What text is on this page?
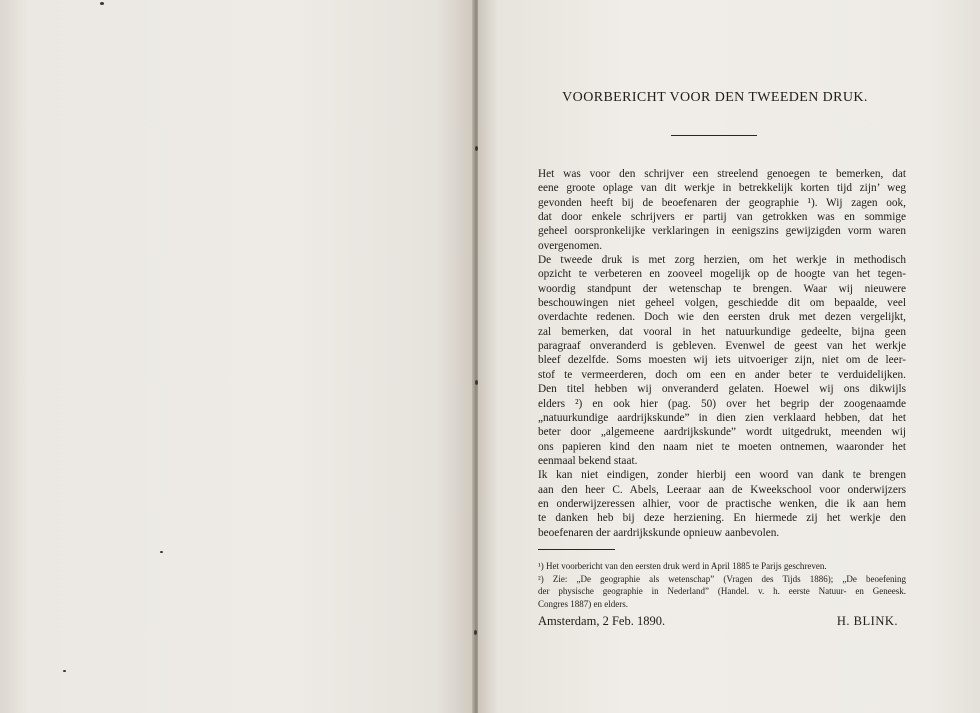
VOORBERICHT VOOR DEN TWEEDEN DRUK.
Het was voor den schrijver een streelend genoegen te bemerken, dat
eene groote oplage van dit werkje in betrekkelijk korten tijd zijn’ weg
gevonden heeft bij de beoefenaren der geographie ¹). Wij zagen ook,
dat door enkele schrijvers er partij van getrokken was en sommige
geheel oorspronkelijke verklaringen in eenigszins gewijzigden vorm waren
overgenomen.
De tweede druk is met zorg herzien, om het werkje in methodisch
opzicht te verbeteren en zooveel mogelijk op de hoogte van het tegen-
woordig standpunt der wetenschap te brengen. Waar wij nieuwere
beschouwingen niet geheel volgen, geschiedde dit om bepaalde, veel
overdachte redenen. Doch wie den eersten druk met dezen vergelijkt,
zal bemerken, dat vooral in het natuurkundige gedeelte, bijna geen
paragraaf onveranderd is gebleven. Evenwel de geest van het werkje
bleef dezelfde. Soms moesten wij iets uitvoeriger zijn, niet om de leer-
stof te vermeerderen, doch om een en ander beter te verduidelijken.
Den titel hebben wij onveranderd gelaten. Hoewel wij ons dikwijls
elders ²) en ook hier (pag. 50) over het begrip der zoogenaamde
„natuurkundige aardrijkskunde” in dien zien verklaard hebben, dat het
beter door „algemeene aardrijkskunde” wordt uitgedrukt, meenden wij
ons papieren kind den naam niet te moeten ontnemen, waaronder het
eenmaal bekend staat.
Ik kan niet eindigen, zonder hierbij een woord van dank te brengen
aan den heer C. Abels, Leeraar aan de Kweekschool voor onderwijzers
en onderwijzeressen alhier, voor de practische wenken, die ik aan hem
te danken heb bij deze herziening. En hiermede zij het werkje den
beoefenaren der aardrijkskunde opnieuw aanbevolen.
¹) Het voorbericht van den eersten druk werd in April 1885 te Parijs geschreven.
²) Zie: „De geographie als wetenschap” (Vragen des Tijds 1886); „De beoefening
der physische geographie in Nederland” (Handel. v. h. eerste Natuur- en Geneesk.
Congres 1887) en elders.
Amsterdam, 2 Feb. 1890.	H. BLINK.
